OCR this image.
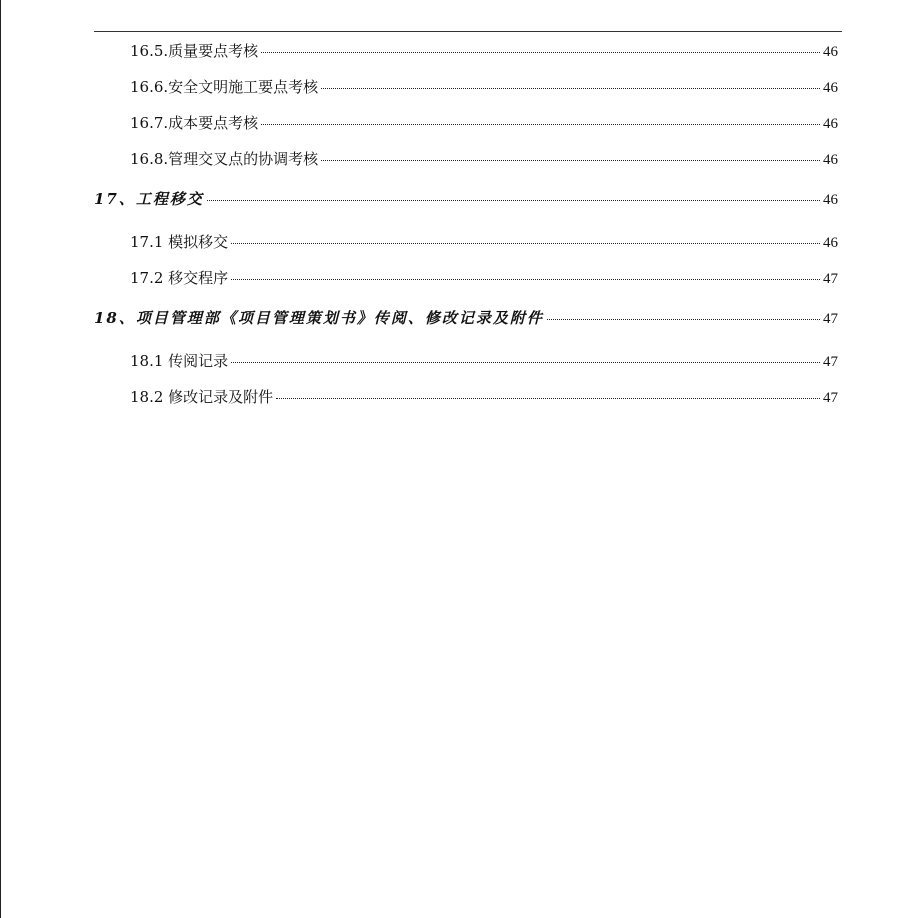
16.5.质量要点考核	46
16.6.安全文明施工要点考核	46
16.7.成本要点考核	46
16.8.管理交叉点的协调考核	46
17、工程移交	46
17.1 模拟移交	46
17.2 移交程序	47
18、项目管理部《项目管理策划书》传阅、修改记录及附件	47
18.1 传阅记录	47
18.2 修改记录及附件	47
